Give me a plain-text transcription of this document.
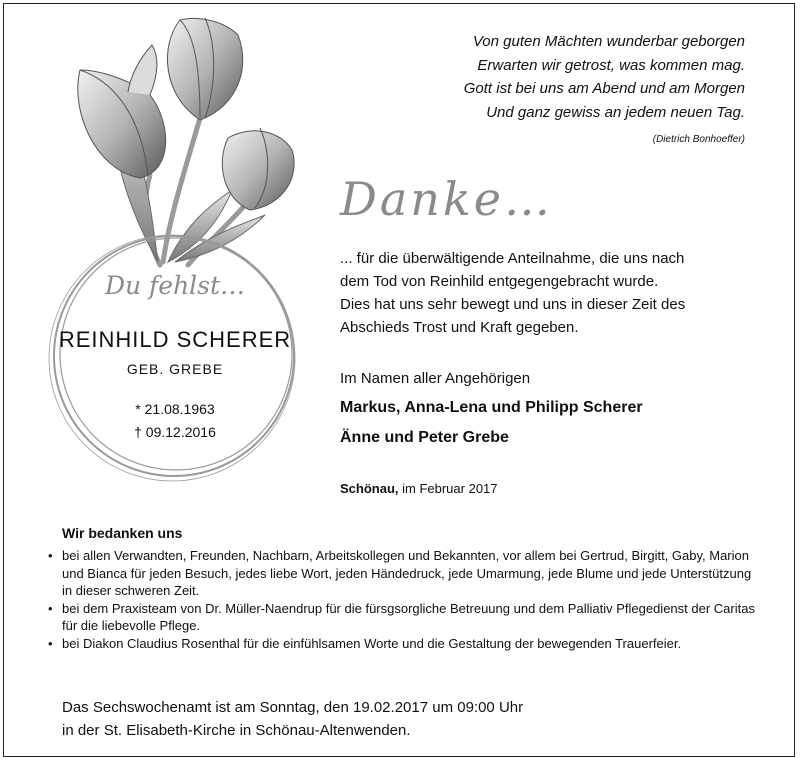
Du fehlst…
REINHILD SCHERER
GEB. GREBE
* 21.08.1963
† 09.12.2016
Von guten Mächten wunderbar geborgen
Erwarten wir getrost, was kommen mag.
Gott ist bei uns am Abend und am Morgen
Und ganz gewiss an jedem neuen Tag.
(Dietrich Bonhoeffer)
Danke…
... für die überwältigende Anteilnahme, die uns nach
dem Tod von Reinhild entgegengebracht wurde.
Dies hat uns sehr bewegt und uns in dieser Zeit des
Abschieds Trost und Kraft gegeben.
Im Namen aller Angehörigen
Markus, Anna-Lena und Philipp Scherer
Änne und Peter Grebe
Schönau, im Februar 2017
Wir bedanken uns
• bei allen Verwandten, Freunden, Nachbarn, Arbeitskollegen und Bekannten, vor allem bei Gertrud, Birgitt, Gaby, Marion und Bianca für jeden Besuch, jedes liebe Wort, jeden Händedruck, jede Umarmung, jede Blume und jede Unterstützung in dieser schweren Zeit.
• bei dem Praxisteam von Dr. Müller-Naendrup für die fürsgsorgliche Betreuung und dem Palliativ Pflegedienst der Caritas für die liebevolle Pflege.
• bei Diakon Claudius Rosenthal für die einfühlsamen Worte und die Gestaltung der bewegenden Trauerfeier.
Das Sechswochenamt ist am Sonntag, den 19.02.2017 um 09:00 Uhr
in der St. Elisabeth-Kirche in Schönau-Altenwenden.
